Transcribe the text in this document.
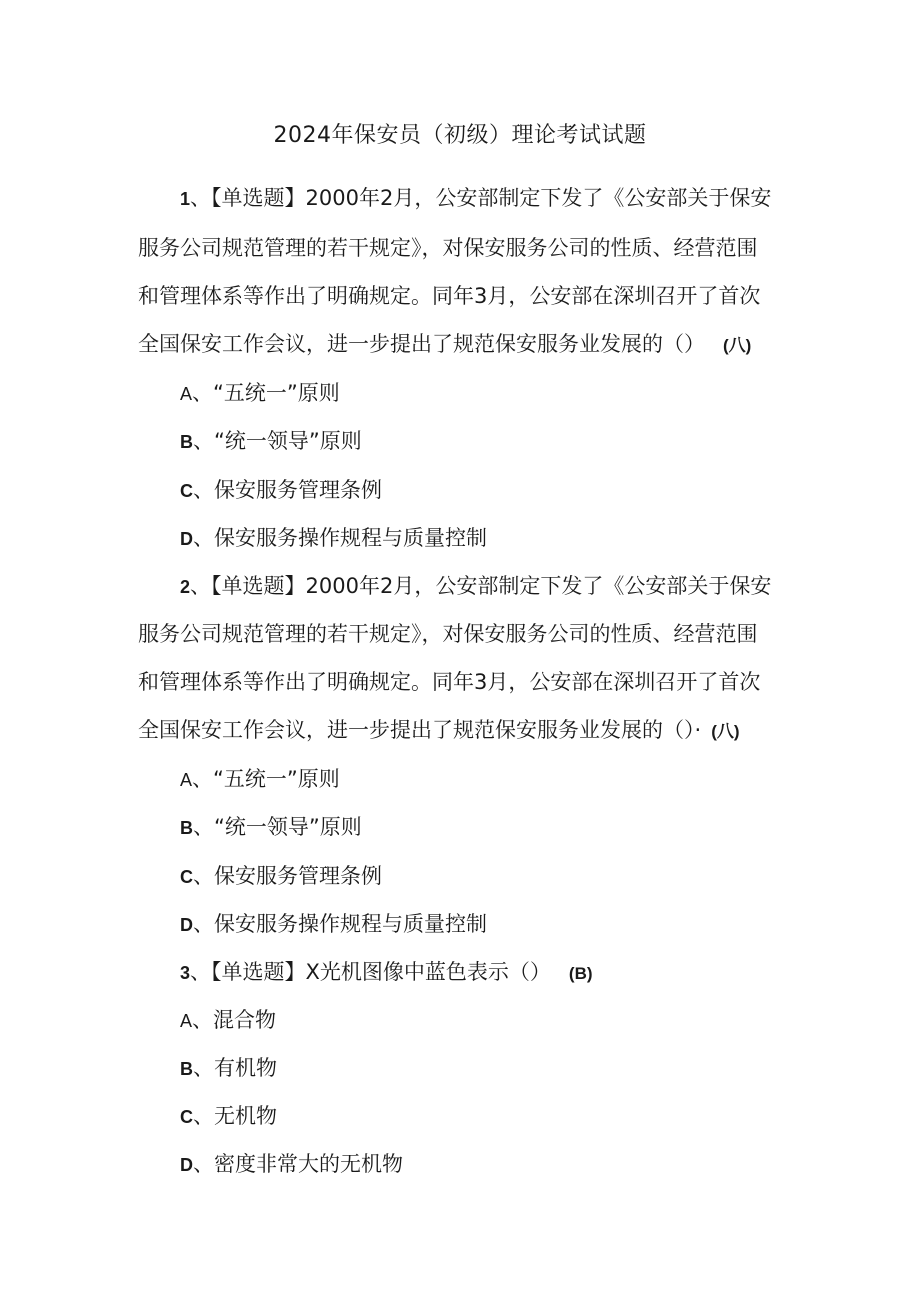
2024年保安员（初级）理论考试试题
1、【单选题】2000年2月，公安部制定下发了《公安部关于保安
服务公司规范管理的若干规定》，对保安服务公司的性质、经营范围
和管理体系等作出了明确规定。同年3月，公安部在深圳召开了首次
全国保安工作会议，进一步提出了规范保安服务业发展的（） (八)
A、“五统一”原则
B、“统一领导”原则
C、保安服务管理条例
D、保安服务操作规程与质量控制
2、【单选题】2000年2月，公安部制定下发了《公安部关于保安
服务公司规范管理的若干规定》，对保安服务公司的性质、经营范围
和管理体系等作出了明确规定。同年3月，公安部在深圳召开了首次
全国保安工作会议，进一步提出了规范保安服务业发展的（）· (八)
A、“五统一”原则
B、“统一领导”原则
C、保安服务管理条例
D、保安服务操作规程与质量控制
3、【单选题】X光机图像中蓝色表示（） (B)
A、混合物
B、有机物
C、无机物
D、密度非常大的无机物
